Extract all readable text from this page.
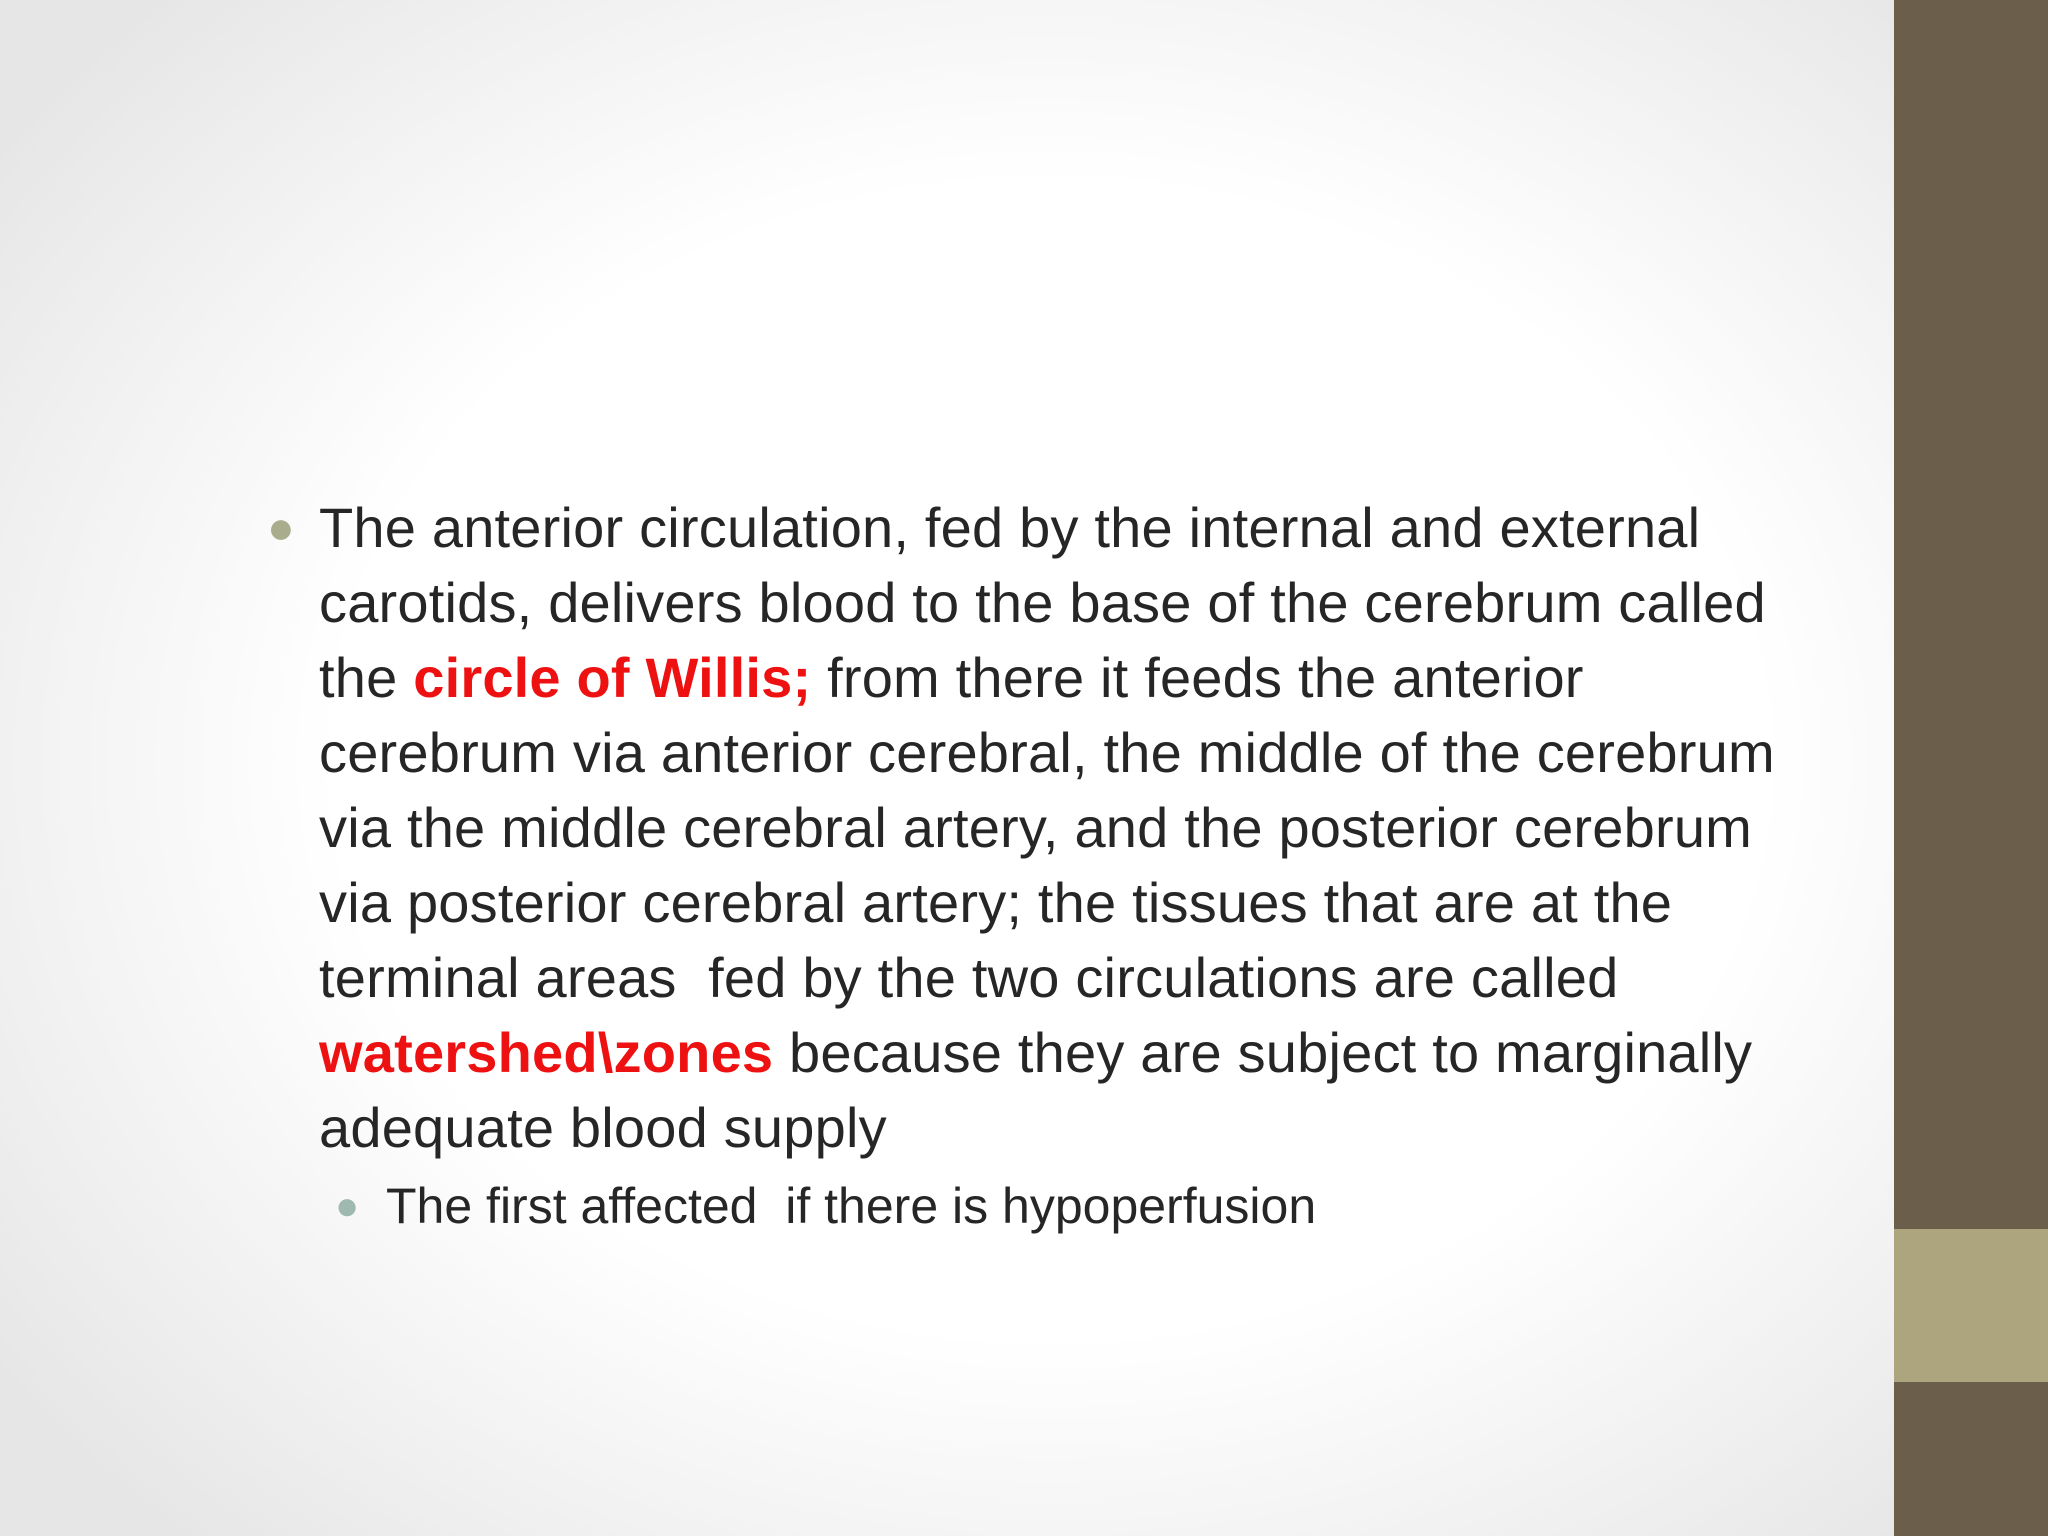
● The anterior circulation, fed by the internal and external carotids, delivers blood to the base of the cerebrum called the circle of Willis; from there it feeds the anterior cerebrum via anterior cerebral, the middle of the cerebrum via the middle cerebral artery, and the posterior cerebrum via posterior cerebral artery; the tissues that are at the terminal areas  fed by the two circulations are called watershed\zones because they are subject to marginally adequate blood supply
● The first affected  if there is hypoperfusion
